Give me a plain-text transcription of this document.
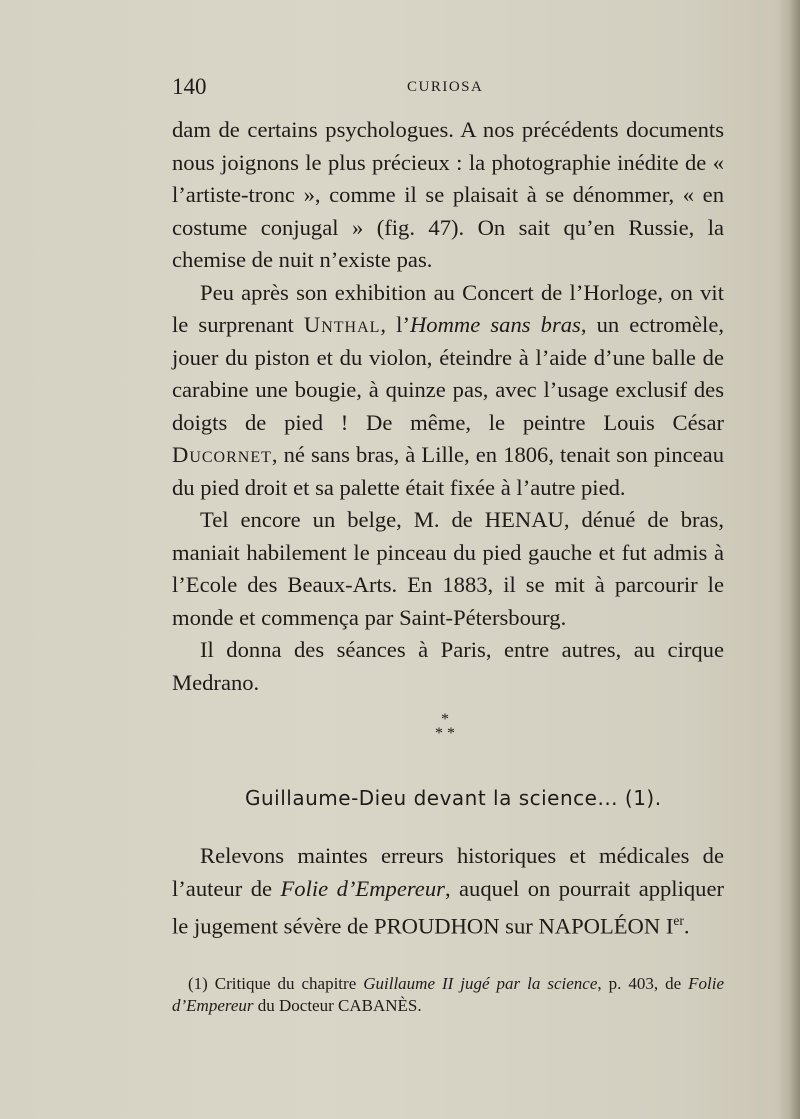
140	CURIOSA

dam de certains psychologues. A nos précédents documents nous joignons le plus précieux : la photographie inédite de « l’artiste-tronc », comme il se plaisait à se dénommer, « en costume conjugal » (fig. 47). On sait qu’en Russie, la chemise de nuit n’existe pas.

Peu après son exhibition au Concert de l’Horloge, on vit le surprenant Unthal, l’Homme sans bras, un ectromèle, jouer du piston et du violon, éteindre à l’aide d’une balle de carabine une bougie, à quinze pas, avec l’usage exclusif des doigts de pied ! De même, le peintre Louis César Ducornet, né sans bras, à Lille, en 1806, tenait son pinceau du pied droit et sa palette était fixée à l’autre pied.

Tel encore un belge, M. de HENAU, dénué de bras, maniait habilement le pinceau du pied gauche et fut admis à l’Ecole des Beaux-Arts. En 1883, il se mit à parcourir le monde et commença par Saint-Pétersbourg.

Il donna des séances à Paris, entre autres, au cirque Medrano.

*
* *
Guillaume-Dieu devant la science... (1).

Relevons maintes erreurs historiques et médicales de l’auteur de Folie d’Empereur, auquel on pourrait appliquer le jugement sévère de PROUDHON sur NAPOLÉON Ier.

(1) Critique du chapitre Guillaume II jugé par la science, p. 403, de Folie d’Empereur du Docteur CABANÈS.
